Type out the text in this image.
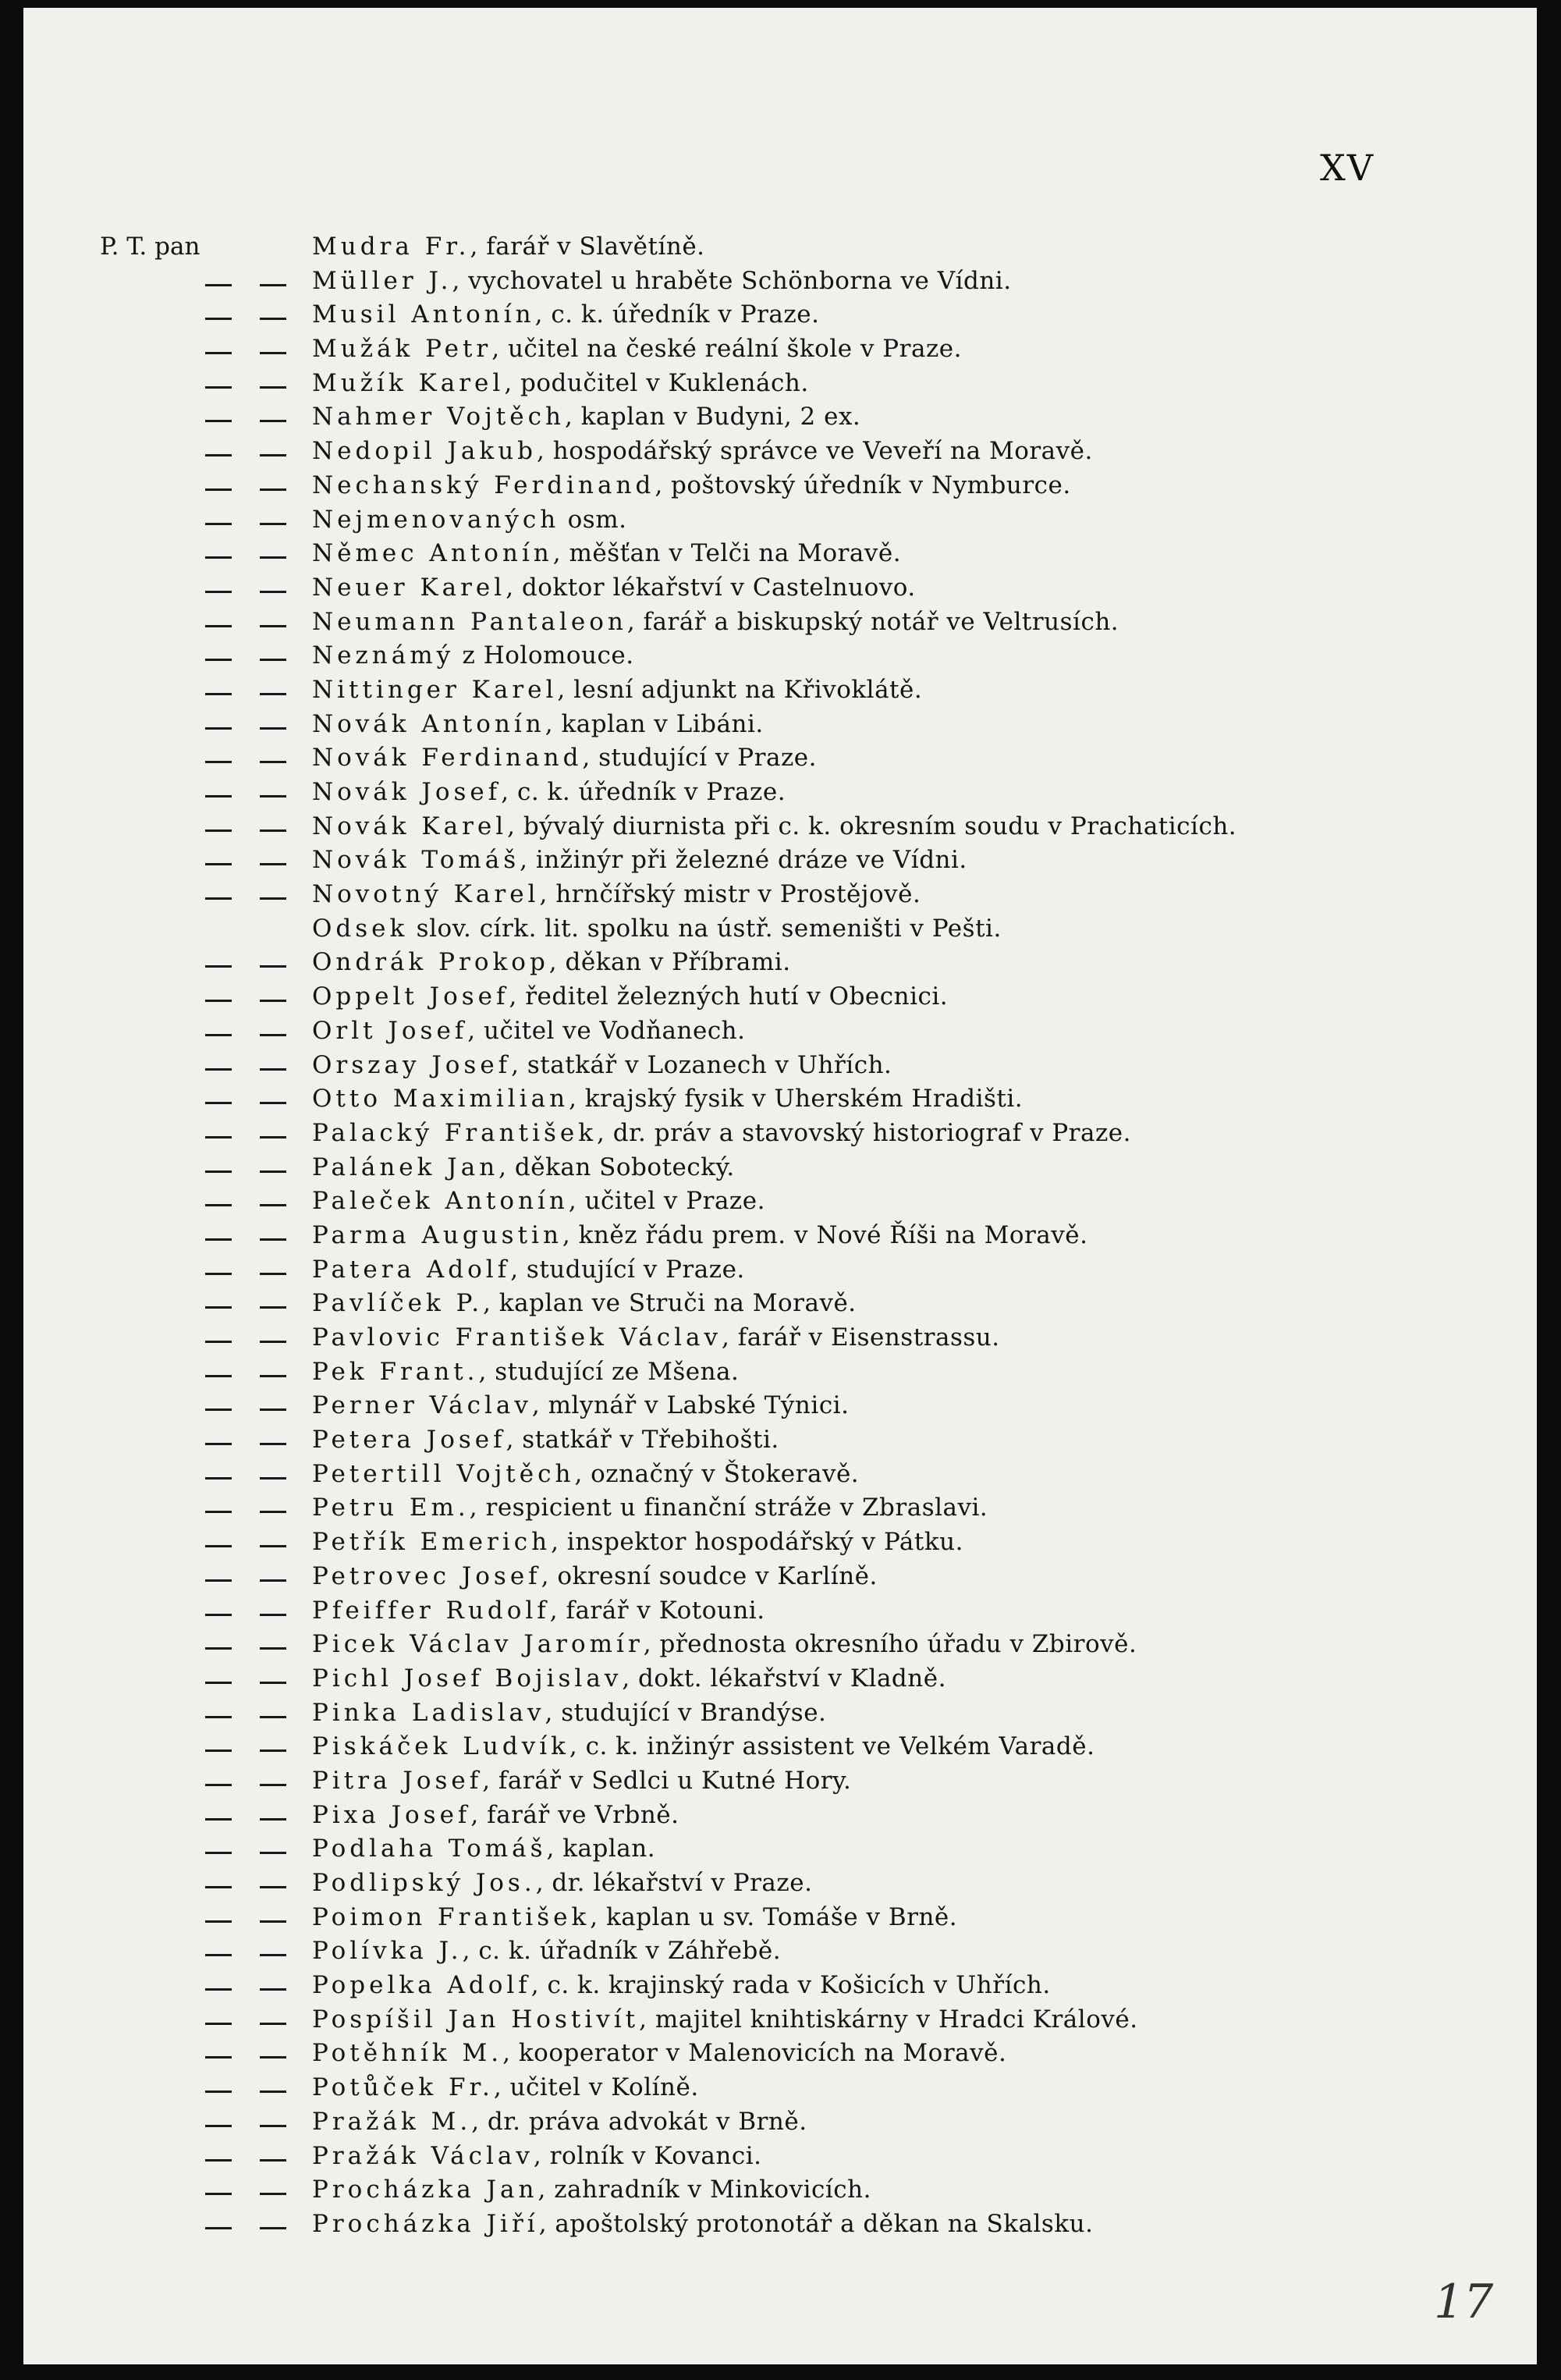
XV
P. T. pan	Mudra Fr., farář v Slavětíně.
Müller J., vychovatel u hraběte Schönborna ve Vídni.
Musil Antonín, c. k. úředník v Praze.
Mužák Petr, učitel na české reální škole v Praze.
Mužík Karel, podučitel v Kuklenách.
Nahmer Vojtěch, kaplan v Budyni, 2 ex.
Nedopil Jakub, hospodářský správce ve Veveří na Moravě.
Nechanský Ferdinand, poštovský úředník v Nymburce.
Nejmenovaných osm.
Němec Antonín, měšťan v Telči na Moravě.
Neuer Karel, doktor lékařství v Castelnuovo.
Neumann Pantaleon, farář a biskupský notář ve Veltrusích.
Neznámý z Holomouce.
Nittinger Karel, lesní adjunkt na Křivoklátě.
Novák Antonín, kaplan v Libáni.
Novák Ferdinand, studující v Praze.
Novák Josef, c. k. úředník v Praze.
Novák Karel, bývalý diurnista při c. k. okresním soudu v Prachaticích.
Novák Tomáš, inžinýr při železné dráze ve Vídni.
Novotný Karel, hrnčířský mistr v Prostějově.
Odsek slov. círk. lit. spolku na ústř. semeništi v Pešti.
Ondrák Prokop, děkan v Příbrami.
Oppelt Josef, ředitel železných hutí v Obecnici.
Orlt Josef, učitel ve Vodňanech.
Orszay Josef, statkář v Lozanech v Uhřích.
Otto Maximilian, krajský fysik v Uherském Hradišti.
Palacký František, dr. práv a stavovský historiograf v Praze.
Palánek Jan, děkan Sobotecký.
Paleček Antonín, učitel v Praze.
Parma Augustin, kněz řádu prem. v Nové Říši na Moravě.
Patera Adolf, studující v Praze.
Pavlíček P., kaplan ve Struči na Moravě.
Pavlovic František Václav, farář v Eisenstrassu.
Pek Frant., studující ze Mšena.
Perner Václav, mlynář v Labské Týnici.
Petera Josef, statkář v Třebihošti.
Petertill Vojtěch, označný v Štokeravě.
Petru Em., respicient u finanční stráže v Zbraslavi.
Petřík Emerich, inspektor hospodářský v Pátku.
Petrovec Josef, okresní soudce v Karlíně.
Pfeiffer Rudolf, farář v Kotouni.
Picek Václav Jaromír, přednosta okresního úřadu v Zbirově.
Pichl Josef Bojislav, dokt. lékařství v Kladně.
Pinka Ladislav, studující v Brandýse.
Piskáček Ludvík, c. k. inžinýr assistent ve Velkém Varadě.
Pitra Josef, farář v Sedlci u Kutné Hory.
Pixa Josef, farář ve Vrbně.
Podlaha Tomáš, kaplan.
Podlipský Jos., dr. lékařství v Praze.
Poimon František, kaplan u sv. Tomáše v Brně.
Polívka J., c. k. úřadník v Záhřebě.
Popelka Adolf, c. k. krajinský rada v Košicích v Uhřích.
Pospíšil Jan Hostivít, majitel knihtiskárny v Hradci Králové.
Potěhník M., kooperator v Malenovicích na Moravě.
Potůček Fr., učitel v Kolíně.
Pražák M., dr. práva advokát v Brně.
Pražák Václav, rolník v Kovanci.
Procházka Jan, zahradník v Minkovicích.
Procházka Jiří, apoštolský protonotář a děkan na Skalsku.
17
